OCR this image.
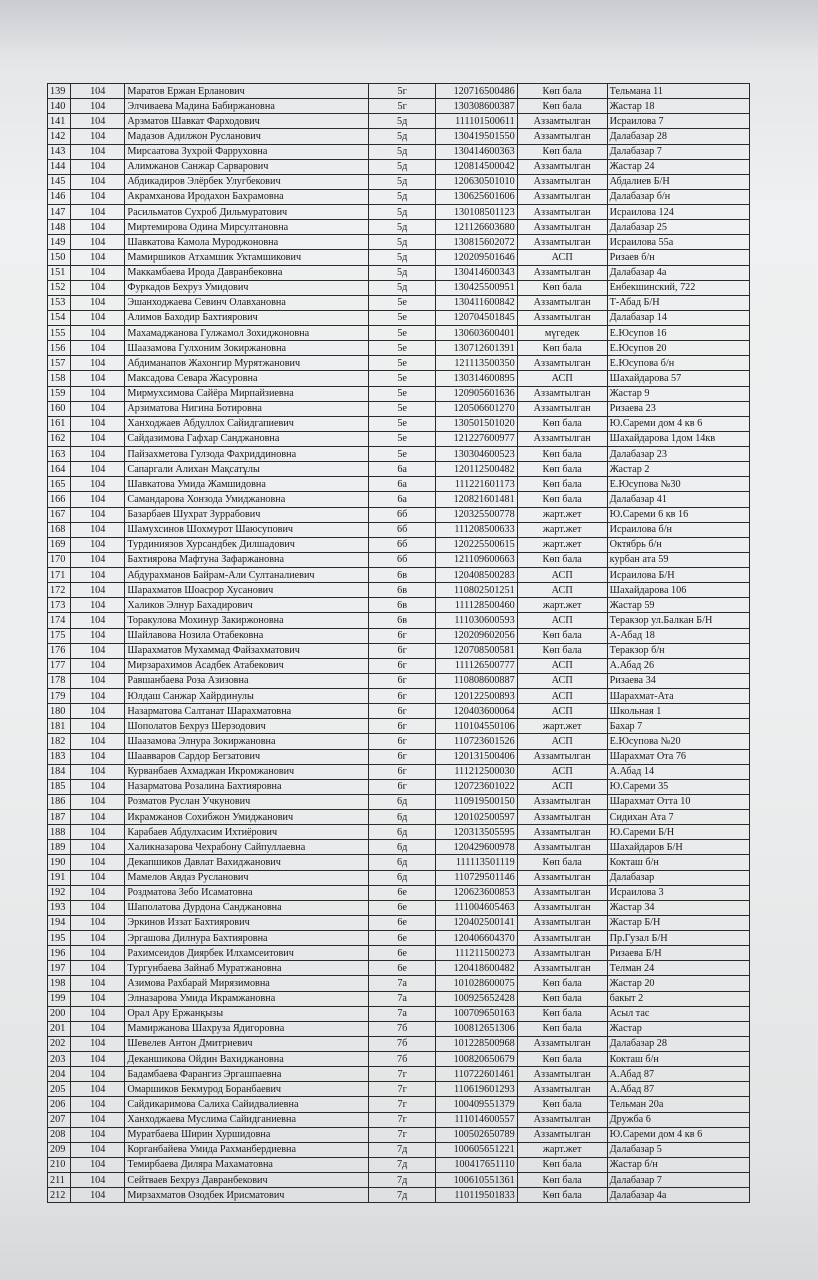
139	104	Маратов Ержан Ерланович	5г	120716500486	Көп бала	Тельмана 11
140	104	Элчиваева Мадина Бабиржановна	5г	130308600387	Көп бала	Жастар 18
141	104	Арзматов Шавкат Фарходович	5д	111101500611	Аззамтылган	Исраилова 7
142	104	Мадазов Адилжон Русланович	5д	130419501550	Аззамтылган	Далабазар 28
143	104	Мирсаатова Зухрой Фарруховна	5д	130414600363	Көп бала	Далабазар 7
144	104	Алимжанов Санжар Сарварович	5д	120814500042	Аззамтылган	Жастар 24
145	104	Абдикадиров Элёрбек Улугбекович	5д	120630501010	Аззамтылган	Абдалиев Б/Н
146	104	Акрамханова Иродахон Бахрамовна	5д	130625601606	Аззамтылган	Далабазар б/н
147	104	Расильматов Сухроб Дильмуратович	5д	130108501123	Аззамтылган	Исраилова 124
148	104	Миртемирова Одина Мирсултановна	5д	121126603680	Аззамтылган	Далабазар 25
149	104	Шавкатова Камола Муроджоновна	5д	130815602072	Аззамтылган	Исраилова 55а
150	104	Мамиршиков Атхамшик Уктамшикович	5д	120209501646	АСП	Ризаев б/н
151	104	Маккамбаева Ирода Давранбековна	5д	130414600343	Аззамтылган	Далабазар 4а
152	104	Фуркадов Бехруз Умидович	5д	130425500951	Көп бала	Енбекшинский, 722
153	104	Эшанходжаева Севинч Олавхановна	5е	130411600842	Аззамтылган	Т-Абад Б/Н
154	104	Алимов Баходир Бахтиярович	5е	120704501845	Аззамтылган	Далабазар 14
155	104	Махамаджанова Гулжамол Зохиджоновна	5е	130603600401	мүгедек	Е.Юсупов 16
156	104	Шаазамова Гулхоним Зокиржановна	5е	130712601391	Көп бала	Е.Юсупов 20
157	104	Абдиманапов Жахонгир Мурятжанович	5е	121113500350	Аззамтылган	Е.Юсупова б/н
158	104	Максадова Севара Жасуровна	5е	130314600895	АСП	Шахайдарова 57
159	104	Мирмухсимова Сайёра Мирпайзиевна	5е	120905601636	Аззамтылган	Жастар 9
160	104	Арзиматова Нигина Ботировна	5е	120506601270	Аззамтылган	Ризаева 23
161	104	Ханходжаев Абдуллох Сайидгапиевич	5е	130501501020	Көп бала	Ю.Сареми дом 4 кв 6
162	104	Сайдазимова Гафхар Санджановна	5е	121227600977	Аззамтылган	Шахайдарова 1дом 14кв
163	104	Пайзахметова Гулзода Фахриддиновна	5е	130304600523	Көп бала	Далабазар 23
164	104	Сапаргали Алихан Мақсатұлы	6а	120112500482	Көп бала	Жастар 2
165	104	Шавкатова Умида Жамшидовна	6а	111221601173	Көп бала	Е.Юсупова №30
166	104	Самандарова Хонзода Умиджановна	6а	120821601481	Көп бала	Далабазар 41
167	104	Базарбаев Шухрат Зуррабович	6б	120325500778	жарт.жет	Ю.Сареми 6 кв 16
168	104	Шамухсинов Шохмурот Шаюсупович	6б	111208500633	жарт.жет	Исраилова б/н
169	104	Турдиниязов Хурсандбек Дилшадович	6б	120225500615	жарт.жет	Октябрь б/н
170	104	Бахтиярова Мафтуна Зафаржановна	6б	121109600663	Көп бала	курбан ата 59
171	104	Абдурахманов Байрам-Али Султаналиевич	6в	120408500283	АСП	Исраилова Б/Н
172	104	Шарахматов Шоасрор Хусанович	6в	110802501251	АСП	Шахайдарова 106
173	104	Халиков Элнур Бахадирович	6в	111128500460	жарт.жет	Жастар 59
174	104	Торакулова Мохинур Закиржоновна	6в	111030600593	АСП	Теракзор ул.Балкан Б/Н
175	104	Шайлавова Нозила Отабековна	6г	120209602056	Көп бала	А-Абад 18
176	104	Шарахматов Мухаммад Файзахматович	6г	120708500581	Көп бала	Теракзор б/н
177	104	Мирзарахимов Асадбек Атабекович	6г	111126500777	АСП	А.Абад 26
178	104	Равшанбаева Роза Азизовна	6г	110808600887	АСП	Ризаева 34
179	104	Юлдаш Санжар Хайрдинулы	6г	120122500893	АСП	Шарахмат-Ата
180	104	Назарматова Салтанат Шарахматовна	6г	120403600064	АСП	Школьная 1
181	104	Шополатов Бехруз Шерзодович	6г	110104550106	жарт.жет	Бахар 7
182	104	Шаазамова Элнура Зокиржановна	6г	110723601526	АСП	Е.Юсупова №20
183	104	Шаавваров Сардор Бегзатович	6г	120131500406	Аззамтылган	Шарахмат Ота 76
184	104	Курванбаев Ахмаджан Икромжанович	6г	111212500030	АСП	А.Абад 14
185	104	Назарматова Розалина Бахтияровна	6г	120723601022	АСП	Ю.Сареми 35
186	104	Розматов Руслан Учкунович	6д	110919500150	Аззамтылган	Шарахмат Отта 10
187	104	Икрамжанов Сохибжон Умиджанович	6д	120102500597	Аззамтылган	Сидихан Ата 7
188	104	Карабаев Абдулхасим Ихтиёрович	6д	120313505595	Аззамтылган	Ю.Сареми Б/Н
189	104	Халикназарова Чехрабону Сайпуллаевна	6д	120429600978	Аззамтылган	Шахайдаров Б/Н
190	104	Декапшиков Давлат Вахиджанович	6д	111113501119	Көп бала	Кокташ б/н
191	104	Мамелов Авдаз Русланович	6д	110729501146	Аззамтылган	Далабазар
192	104	Роздматова Зебо Исаматовна	6е	120623600853	Аззамтылган	Исраилова 3
193	104	Шаполатова Дурдона Санджановна	6е	111004605463	Аззамтылган	Жастар 34
194	104	Эркинов Иззат Бахтиярович	6е	120402500141	Аззамтылган	Жастар Б/Н
195	104	Эргашова Дилнура Бахтияровна	6е	120406604370	Аззамтылган	Пр.Гузал Б/Н
196	104	Рахимсеидов Диярбек Илхамсеитович	6е	111211500273	Аззамтылган	Ризаева Б/Н
197	104	Тургунбаева Зайнаб Муратжановна	6е	120418600482	Аззамтылган	Телман 24
198	104	Азимова Рахбарай Мирязимовна	7а	101028600075	Көп бала	Жастар 20
199	104	Элназарова Умида Икрамжановна	7а	100925652428	Көп бала	бакыт 2
200	104	Орал Ару Ержанқызы	7а	100709650163	Көп бала	Асыл тас
201	104	Мамиржанова Шахруза Ядигоровна	7б	100812651306	Көп бала	Жастар
202	104	Шевелев Антон Дмитриевич	7б	101228500968	Аззамтылган	Далабазар 28
203	104	Деканшикова Ойдин Вахиджановна	7б	100820650679	Көп бала	Кокташ б/н
204	104	Бадамбаева Фарангиз Эргашпаевна	7г	110722601461	Аззамтылган	А.Абад 87
205	104	Омаршиков Бекмурод Боранбаевич	7г	110619601293	Аззамтылган	А.Абад 87
206	104	Сайдикаримова Салиха Сайидвалиевна	7г	100409551379	Көп бала	Тельман 20а
207	104	Ханходжаева Муслима Сайидганиевна	7г	111014600557	Аззамтылган	Дружба 6
208	104	Муратбаева Ширин Хуршидовна	7г	100502650789	Аззамтылган	Ю.Сареми дом 4 кв 6
209	104	Корганбайева Умида Рахманбердиевна	7д	100605651221	жарт.жет	Далабазар 5
210	104	Темирбаева Диляра Махаматовна	7д	100417651110	Көп бала	Жастар б/н
211	104	Сейтваев Бехруз Давранбекович	7д	100610551361	Көп бала	Далабазар 7
212	104	Мирзахматов Озодбек Ирисматович	7д	110119501833	Көп бала	Далабазар 4а
